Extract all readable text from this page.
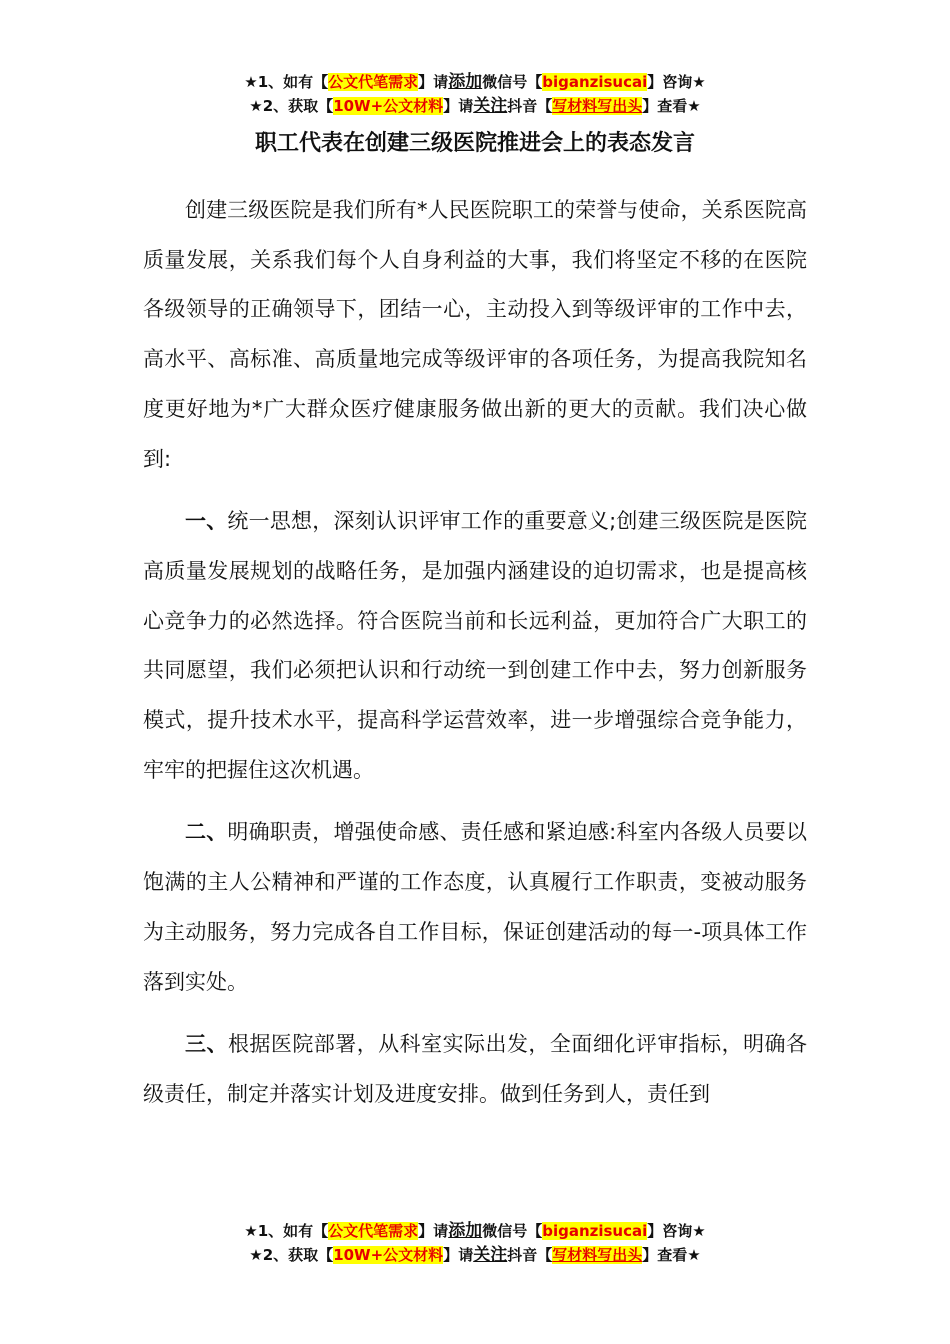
★1、如有【公文代笔需求】请添加微信号【biganzisucai】咨询★
★2、获取【10W+公文材料】请关注抖音【写材料写出头】查看★
职工代表在创建三级医院推进会上的表态发言

创建三级医院是我们所有*人民医院职工的荣誉与使命，关系医院高质量发展，关系我们每个人自身利益的大事，我们将坚定不移的在医院各级领导的正确领导下，团结一心，主动投入到等级评审的工作中去，高水平、高标准、高质量地完成等级评审的各项任务，为提高我院知名度更好地为*广大群众医疗健康服务做出新的更大的贡献。我们决心做到:

一、统一思想，深刻认识评审工作的重要意义;创建三级医院是医院高质量发展规划的战略任务，是加强内涵建设的迫切需求，也是提高核心竞争力的必然选择。符合医院当前和长远利益，更加符合广大职工的共同愿望，我们必须把认识和行动统一到创建工作中去，努力创新服务模式，提升技术水平，提高科学运营效率，进一步增强综合竞争能力，牢牢的把握住这次机遇。

二、明确职责，增强使命感、责任感和紧迫感:科室内各级人员要以饱满的主人公精神和严谨的工作态度，认真履行工作职责，变被动服务为主动服务，努力完成各自工作目标，保证创建活动的每一-项具体工作落到实处。

三、根据医院部署，从科室实际出发，全面细化评审指标，明确各级责任，制定并落实计划及进度安排。做到任务到人，责任到

★1、如有【公文代笔需求】请添加微信号【biganzisucai】咨询★
★2、获取【10W+公文材料】请关注抖音【写材料写出头】查看★
